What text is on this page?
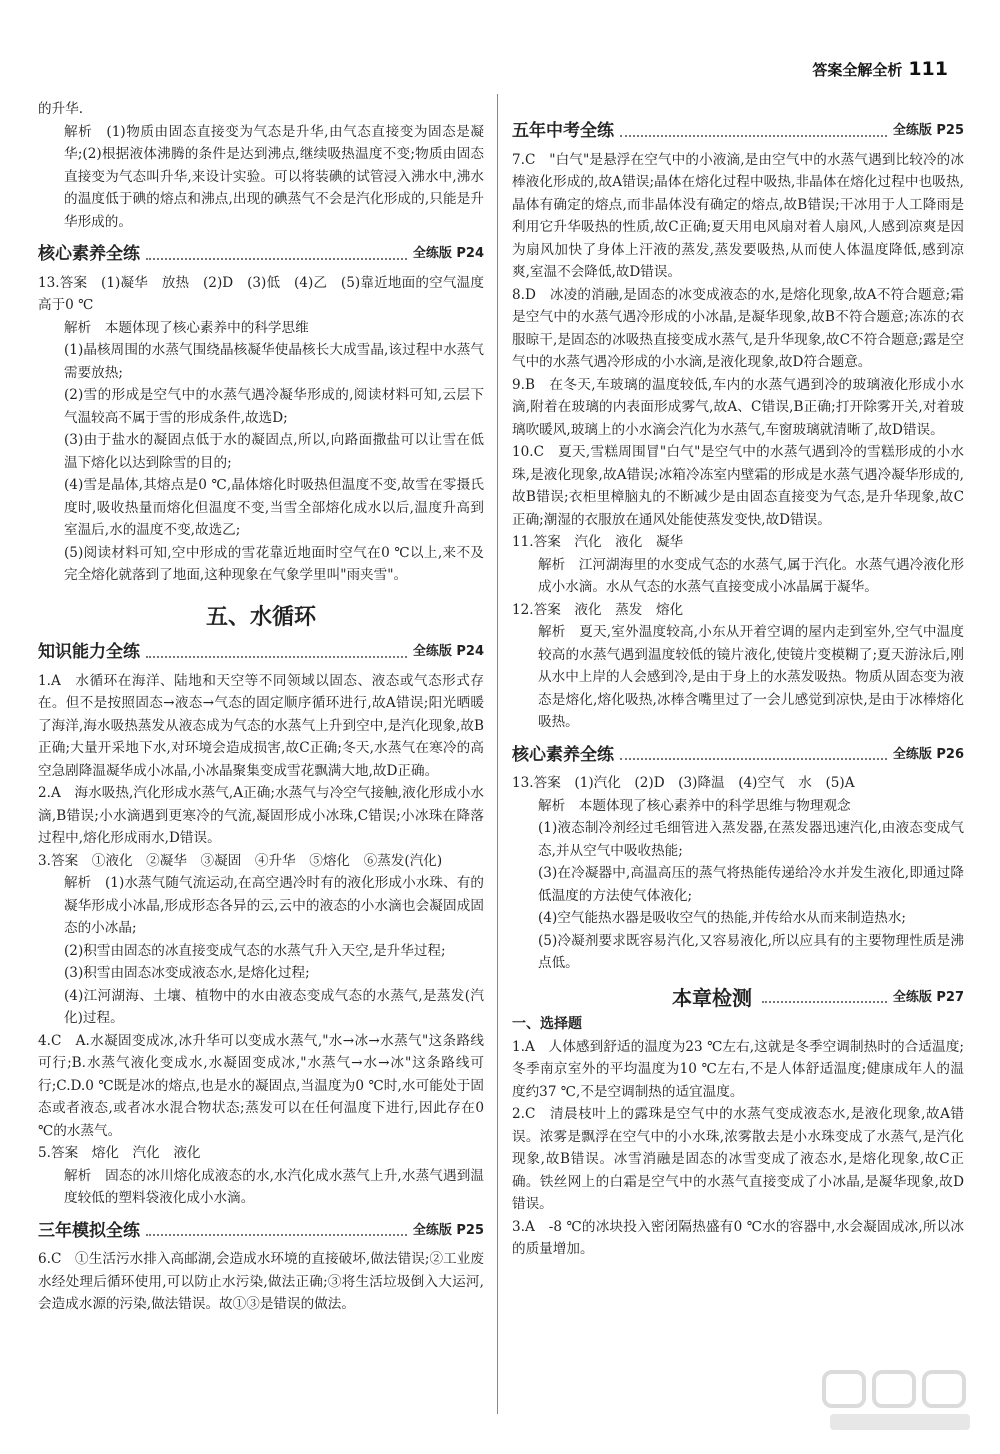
答案全解全析 111

的升华.

解析　(1)物质由固态直接变为气态是升华,由气态直接变为固态是凝华;(2)根据液体沸腾的条件是达到沸点,继续吸热温度不变;物质由固态直接变为气态叫升华,来设计实验。可以将装碘的试管浸入沸水中,沸水的温度低于碘的熔点和沸点,出现的碘蒸气不会是汽化形成的,只能是升华形成的。

核心素养全练	全练版 P24

13.答案　(1)凝华　放热　(2)D　(3)低　(4)乙　(5)靠近地面的空气温度高于0 ℃

解析　本题体现了核心素养中的科学思维

(1)晶核周围的水蒸气围绕晶核凝华使晶核长大成雪晶,该过程中水蒸气需要放热;

(2)雪的形成是空气中的水蒸气遇冷凝华形成的,阅读材料可知,云层下气温较高不属于雪的形成条件,故选D;

(3)由于盐水的凝固点低于水的凝固点,所以,向路面撒盐可以让雪在低温下熔化以达到除雪的目的;

(4)雪是晶体,其熔点是0 ℃,晶体熔化时吸热但温度不变,故雪在零摄氏度时,吸收热量而熔化但温度不变,当雪全部熔化成水以后,温度升高到室温后,水的温度不变,故选乙;

(5)阅读材料可知,空中形成的雪花靠近地面时空气在0 ℃以上,来不及完全熔化就落到了地面,这种现象在气象学里叫"雨夹雪"。

五、水循环
知识能力全练	全练版 P24

1.A　水循环在海洋、陆地和天空等不同领域以固态、液态或气态形式存在。但不是按照固态→液态→气态的固定顺序循环进行,故A错误;阳光晒暖了海洋,海水吸热蒸发从液态成为气态的水蒸气上升到空中,是汽化现象,故B正确;大量开采地下水,对环境会造成损害,故C正确;冬天,水蒸气在寒冷的高空急剧降温凝华成小冰晶,小冰晶聚集变成雪花飘满大地,故D正确。

2.A　海水吸热,汽化形成水蒸气,A正确;水蒸气与冷空气接触,液化形成小水滴,B错误;小水滴遇到更寒冷的气流,凝固形成小冰珠,C错误;小冰珠在降落过程中,熔化形成雨水,D错误。

3.答案　①液化　②凝华　③凝固　④升华　⑤熔化　⑥蒸发(汽化)

解析　(1)水蒸气随气流运动,在高空遇冷时有的液化形成小水珠、有的凝华形成小冰晶,形成形态各异的云,云中的液态的小水滴也会凝固成固态的小冰晶;

(2)积雪由固态的冰直接变成气态的水蒸气升入天空,是升华过程;

(3)积雪由固态冰变成液态水,是熔化过程;

(4)江河湖海、土壤、植物中的水由液态变成气态的水蒸气,是蒸发(汽化)过程。

4.C　A.水凝固变成冰,冰升华可以变成水蒸气,"水→冰→水蒸气"这条路线可行;B.水蒸气液化变成水,水凝固变成冰,"水蒸气→水→冰"这条路线可行;C.D.0 ℃既是冰的熔点,也是水的凝固点,当温度为0 ℃时,水可能处于固态或者液态,或者冰水混合物状态;蒸发可以在任何温度下进行,因此存在0 ℃的水蒸气。

5.答案　熔化　汽化　液化

解析　固态的冰川熔化成液态的水,水汽化成水蒸气上升,水蒸气遇到温度较低的塑料袋液化成小水滴。

三年模拟全练	全练版 P25

6.C　①生活污水排入高邮湖,会造成水环境的直接破坏,做法错误;②工业废水经处理后循环使用,可以防止水污染,做法正确;③将生活垃圾倒入大运河,会造成水源的污染,做法错误。故①③是错误的做法。

五年中考全练	全练版 P25

7.C　"白气"是悬浮在空气中的小液滴,是由空气中的水蒸气遇到比较冷的冰棒液化形成的,故A错误;晶体在熔化过程中吸热,非晶体在熔化过程中也吸热,晶体有确定的熔点,而非晶体没有确定的熔点,故B错误;干冰用于人工降雨是利用它升华吸热的性质,故C正确;夏天用电风扇对着人扇风,人感到凉爽是因为扇风加快了身体上汗液的蒸发,蒸发要吸热,从而使人体温度降低,感到凉爽,室温不会降低,故D错误。

8.D　冰凌的消融,是固态的冰变成液态的水,是熔化现象,故A不符合题意;霜是空气中的水蒸气遇冷形成的小冰晶,是凝华现象,故B不符合题意;冻冻的衣服晾干,是固态的冰吸热直接变成水蒸气,是升华现象,故C不符合题意;露是空气中的水蒸气遇冷形成的小水滴,是液化现象,故D符合题意。

9.B　在冬天,车玻璃的温度较低,车内的水蒸气遇到冷的玻璃液化形成小水滴,附着在玻璃的内表面形成雾气,故A、C错误,B正确;打开除雾开关,对着玻璃吹暖风,玻璃上的小水滴会汽化为水蒸气,车窗玻璃就清晰了,故D错误。

10.C　夏天,雪糕周围冒"白气"是空气中的水蒸气遇到冷的雪糕形成的小水珠,是液化现象,故A错误;冰箱冷冻室内壁霜的形成是水蒸气遇冷凝华形成的,故B错误;衣柜里樟脑丸的不断减少是由固态直接变为气态,是升华现象,故C正确;潮湿的衣服放在通风处能使蒸发变快,故D错误。

11.答案　汽化　液化　凝华

解析　江河湖海里的水变成气态的水蒸气,属于汽化。水蒸气遇冷液化形成小水滴。水从气态的水蒸气直接变成小冰晶属于凝华。

12.答案　液化　蒸发　熔化

解析　夏天,室外温度较高,小东从开着空调的屋内走到室外,空气中温度较高的水蒸气遇到温度较低的镜片液化,使镜片变模糊了;夏天游泳后,刚从水中上岸的人会感到冷,是由于身上的水蒸发吸热。物质从固态变为液态是熔化,熔化吸热,冰棒含嘴里过了一会儿感觉到凉快,是由于冰棒熔化吸热。

核心素养全练	全练版 P26

13.答案　(1)汽化　(2)D　(3)降温　(4)空气　水　(5)A

解析　本题体现了核心素养中的科学思维与物理观念

(1)液态制冷剂经过毛细管进入蒸发器,在蒸发器迅速汽化,由液态变成气态,并从空气中吸收热能;

(3)在冷凝器中,高温高压的蒸气将热能传递给冷水并发生液化,即通过降低温度的方法使气体液化;

(4)空气能热水器是吸收空气的热能,并传给水从而来制造热水;

(5)冷凝剂要求既容易汽化,又容易液化,所以应具有的主要物理性质是沸点低。

本章检测	全练版 P27

一、选择题

1.A　人体感到舒适的温度为23 ℃左右,这就是冬季空调制热时的合适温度;冬季南京室外的平均温度为10 ℃左右,不是人体舒适温度;健康成年人的温度约37 ℃,不是空调制热的适宜温度。

2.C　清晨枝叶上的露珠是空气中的水蒸气变成液态水,是液化现象,故A错误。浓雾是飘浮在空气中的小水珠,浓雾散去是小水珠变成了水蒸气,是汽化现象,故B错误。冰雪消融是固态的冰雪变成了液态水,是熔化现象,故C正确。铁丝网上的白霜是空气中的水蒸气直接变成了小冰晶,是凝华现象,故D错误。

3.A　-8 ℃的冰块投入密闭隔热盛有0 ℃水的容器中,水会凝固成冰,所以冰的质量增加。
